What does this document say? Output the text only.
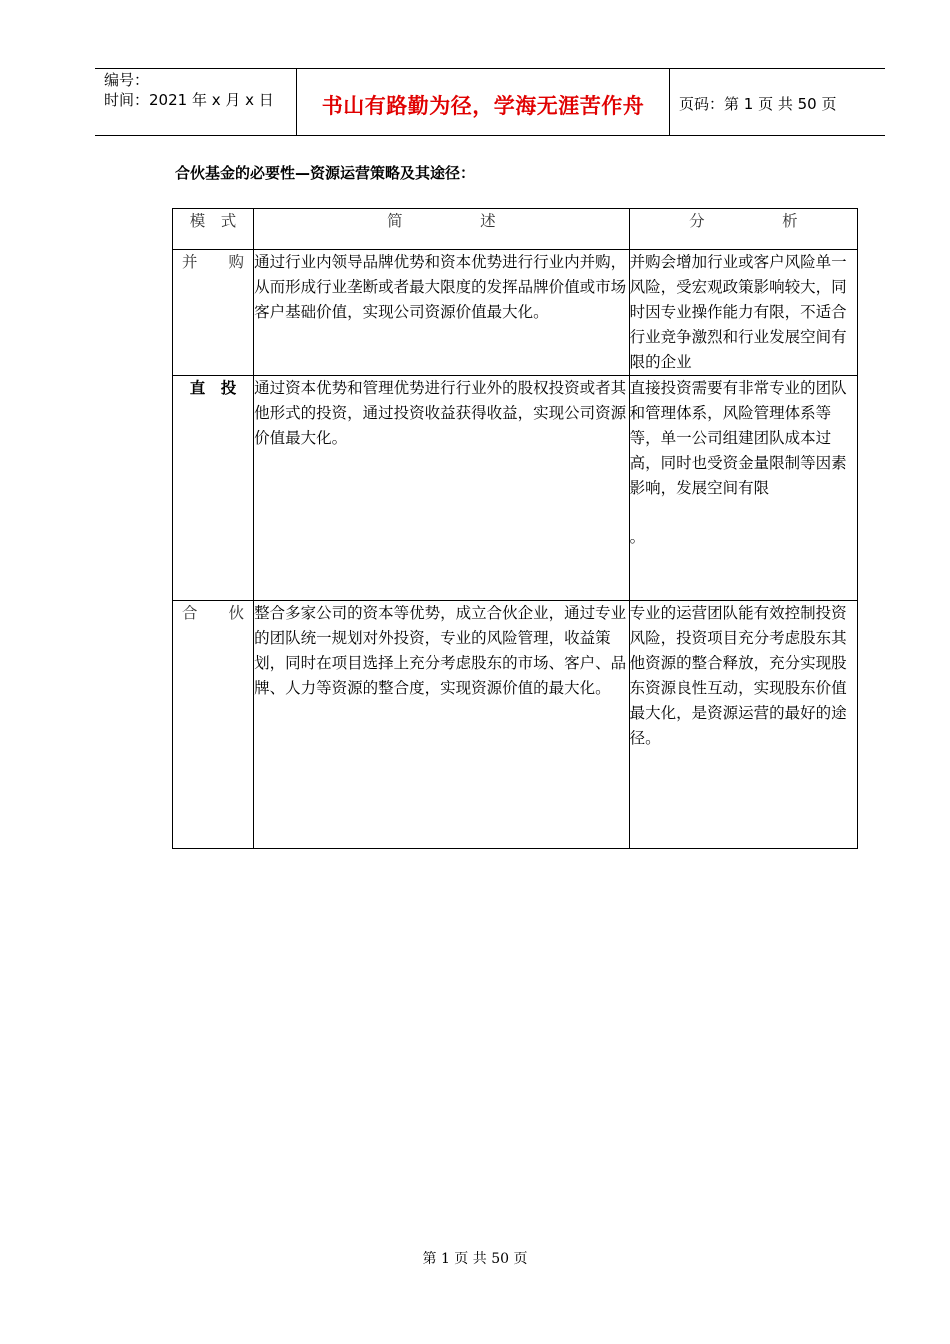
编号：
时间：2021 年 x 月 x 日	书山有路勤为径，学海无涯苦作舟	页码：第 1 页 共 50 页
合伙基金的必要性—资源运营策略及其途径：
模　式	简　　　　　述	分　　　　　析
并　　购	通过行业内领导品牌优势和资本优势进行行业内并购，从而形成行业垄断或者最大限度的发挥品牌价值或市场客户基础价值，实现公司资源价值最大化。	并购会增加行业或客户风险单一风险，受宏观政策影响较大，同时因专业操作能力有限，不适合行业竞争激烈和行业发展空间有限的企业
直　投	通过资本优势和管理优势进行行业外的股权投资或者其他形式的投资，通过投资收益获得收益，实现公司资源价值最大化。	直接投资需要有非常专业的团队和管理体系，风险管理体系等等，单一公司组建团队成本过高，同时也受资金量限制等因素影响，发展空间有限
。

合　　伙	整合多家公司的资本等优势，成立合伙企业，通过专业的团队统一规划对外投资，专业的风险管理，收益策划，同时在项目选择上充分考虑股东的市场、客户、品牌、人力等资源的整合度，实现资源价值的最大化。	专业的运营团队能有效控制投资风险，投资项目充分考虑股东其他资源的整合释放，充分实现股东资源良性互动，实现股东价值最大化，是资源运营的最好的途径。
第 1 页 共 50 页
